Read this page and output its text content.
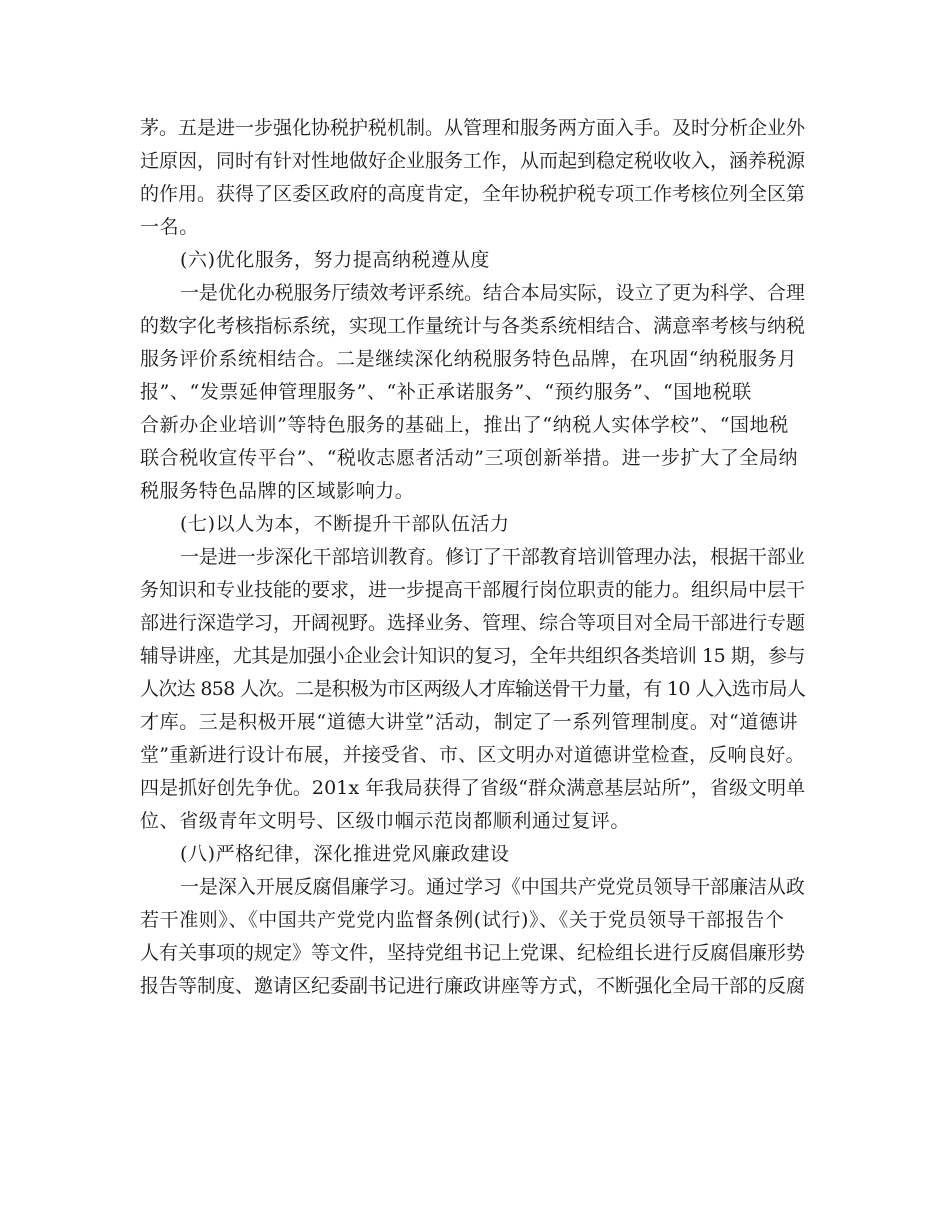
茅。五是进一步强化协税护税机制。从管理和服务两方面入手。及时分析企业外
迁原因，同时有针对性地做好企业服务工作，从而起到稳定税收收入，涵养税源
的作用。获得了区委区政府的高度肯定，全年协税护税专项工作考核位列全区第
一名。
(六)优化服务，努力提高纳税遵从度
一是优化办税服务厅绩效考评系统。结合本局实际，设立了更为科学、合理
的数字化考核指标系统，实现工作量统计与各类系统相结合、满意率考核与纳税
服务评价系统相结合。二是继续深化纳税服务特色品牌，在巩固“纳税服务月
报”、“发票延伸管理服务”、“补正承诺服务”、“预约服务”、“国地税联
合新办企业培训”等特色服务的基础上，推出了“纳税人实体学校”、“国地税
联合税收宣传平台”、“税收志愿者活动”三项创新举措。进一步扩大了全局纳
税服务特色品牌的区域影响力。
(七)以人为本，不断提升干部队伍活力
一是进一步深化干部培训教育。修订了干部教育培训管理办法，根据干部业
务知识和专业技能的要求，进一步提高干部履行岗位职责的能力。组织局中层干
部进行深造学习，开阔视野。选择业务、管理、综合等项目对全局干部进行专题
辅导讲座，尤其是加强小企业会计知识的复习，全年共组织各类培训 15 期，参与
人次达 858 人次。二是积极为市区两级人才库输送骨干力量，有 10 人入选市局人
才库。三是积极开展“道德大讲堂”活动，制定了一系列管理制度。对“道德讲
堂”重新进行设计布展，并接受省、市、区文明办对道德讲堂检查，反响良好。
四是抓好创先争优。201x 年我局获得了省级“群众满意基层站所”，省级文明单
位、省级青年文明号、区级巾帼示范岗都顺利通过复评。
(八)严格纪律，深化推进党风廉政建设
一是深入开展反腐倡廉学习。通过学习《中国共产党党员领导干部廉洁从政
若干准则》、《中国共产党党内监督条例(试行)》、《关于党员领导干部报告个
人有关事项的规定》等文件，坚持党组书记上党课、纪检组长进行反腐倡廉形势
报告等制度、邀请区纪委副书记进行廉政讲座等方式，不断强化全局干部的反腐
